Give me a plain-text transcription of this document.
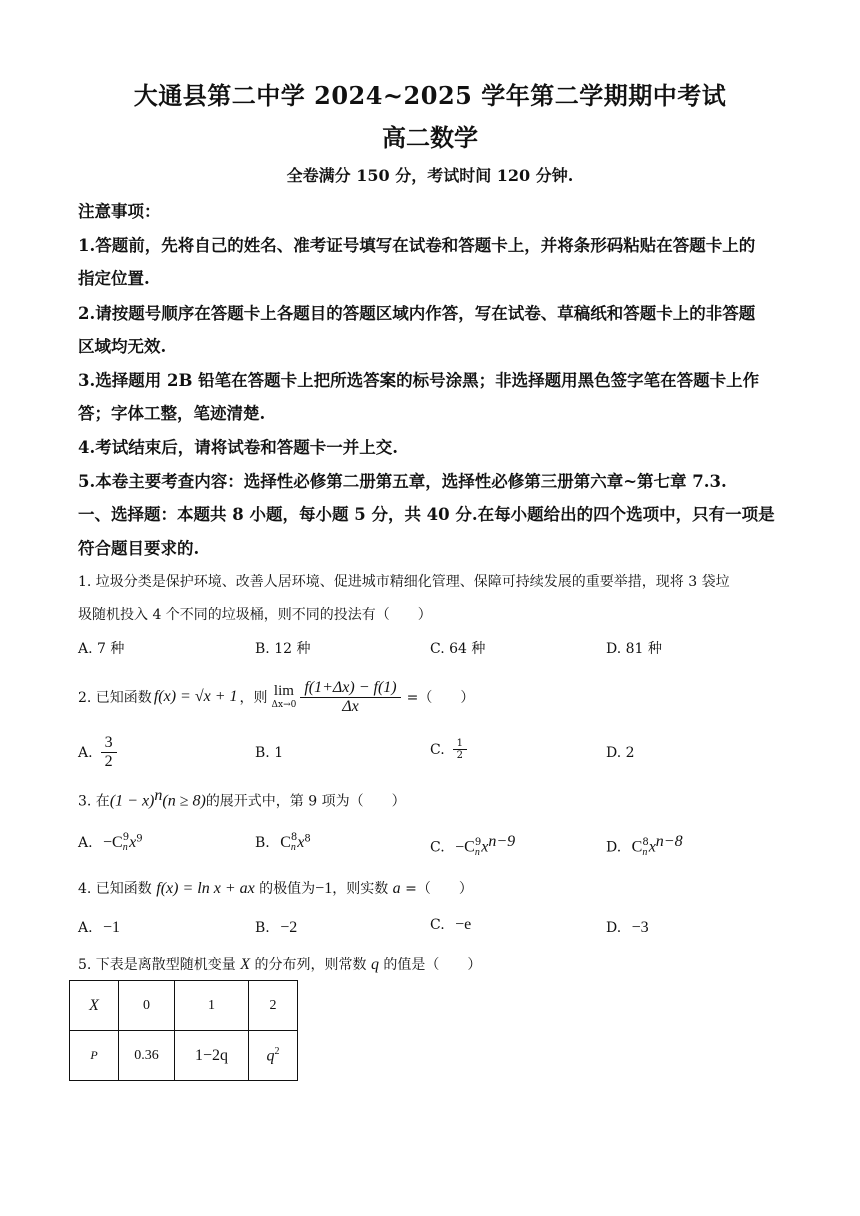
大通县第二中学 2024~2025 学年第二学期期中考试
高二数学
全卷满分 150 分，考试时间 120 分钟.
注意事项：
1.答题前，先将自己的姓名、准考证号填写在试卷和答题卡上，并将条形码粘贴在答题卡上的
指定位置.
2.请按题号顺序在答题卡上各题目的答题区域内作答，写在试卷、草稿纸和答题卡上的非答题
区域均无效.
3.选择题用 2B 铅笔在答题卡上把所选答案的标号涂黑；非选择题用黑色签字笔在答题卡上作
答；字体工整，笔迹清楚.
4.考试结束后，请将试卷和答题卡一并上交.
5.本卷主要考查内容：选择性必修第二册第五章，选择性必修第三册第六章~第七章 7.3.
一、选择题：本题共 8 小题，每小题 5 分，共 40 分.在每小题给出的四个选项中，只有一项是
符合题目要求的.
1. 垃圾分类是保护环境、改善人居环境、促进城市精细化管理、保障可持续发展的重要举措，现将 3 袋垃
圾随机投入 4 个不同的垃圾桶，则不同的投法有（　　）
A. 7 种	B. 12 种	C. 64 种	D. 81 种
2. 已知函数 f(x) = √x + 1 ，则 lim
$\Delta x\to 0 \frac{f(1+\Delta x) - f(1)}{\Delta x}$ =（　　）
A. $\frac{3}{2}$	B. 1	C. $\frac{1}{2}$	D. 2
3. 在$(1 - x)^n(n \ge 8)$的展开式中，第 9 项为（　　）
A. −C 9
n $x^9$	B. C 8
n $x^8$
C. −C 9
n $x^{n-9}$	D. C 8
n $x^{n-8}$
4. 已知函数 f(x) = ln x + ax 的极值为−1，则实数 a =（　　）
A. −1	B. −2	C. −e	D. −3
5. 下表是离散型随机变量 X 的分布列，则常数 q 的值是（　　）
X	0	1	2
P	0.36	1−2q	$q^2$
